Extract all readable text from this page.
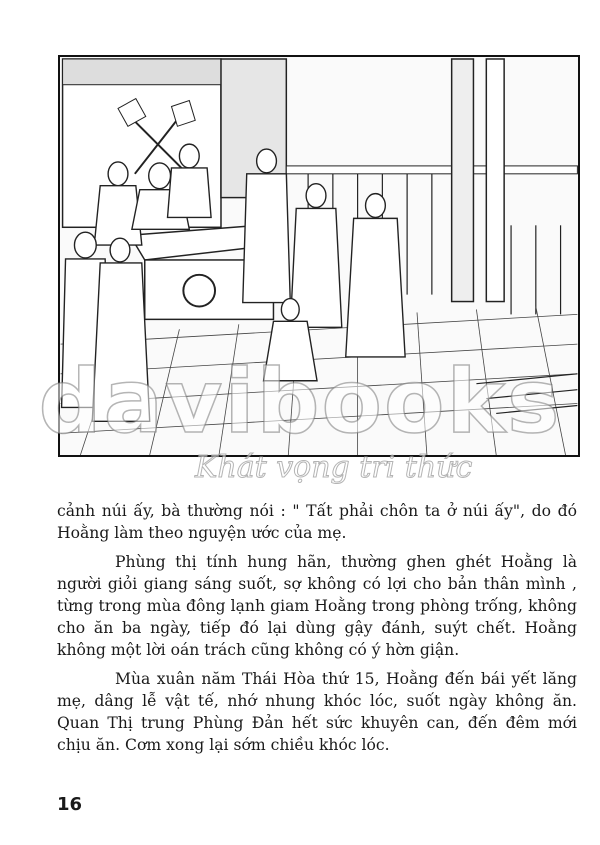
davibooks
Khát vọng tri thức

cảnh núi ấy, bà thường nói : " Tất phải chôn ta ở núi ấy", do đó Hoằng làm theo nguyện ước của mẹ.

Phùng thị tính hung hãn, thường ghen ghét Hoằng là người giỏi giang sáng suốt, sợ không có lợi cho bản thân mình , từng trong mùa đông lạnh giam Hoằng trong phòng trống, không cho ăn ba ngày, tiếp đó lại dùng gậy đánh, suýt chết. Hoằng không một lời oán trách cũng không có ý hờn giận.

Mùa xuân năm Thái Hòa thứ 15, Hoằng đến bái yết lăng mẹ, dâng lễ vật tế, nhớ nhung khóc lóc, suốt ngày không ăn. Quan Thị trung Phùng Đản hết sức khuyên can, đến đêm mới chịu ăn. Cơm xong lại sớm chiều khóc lóc.

16
